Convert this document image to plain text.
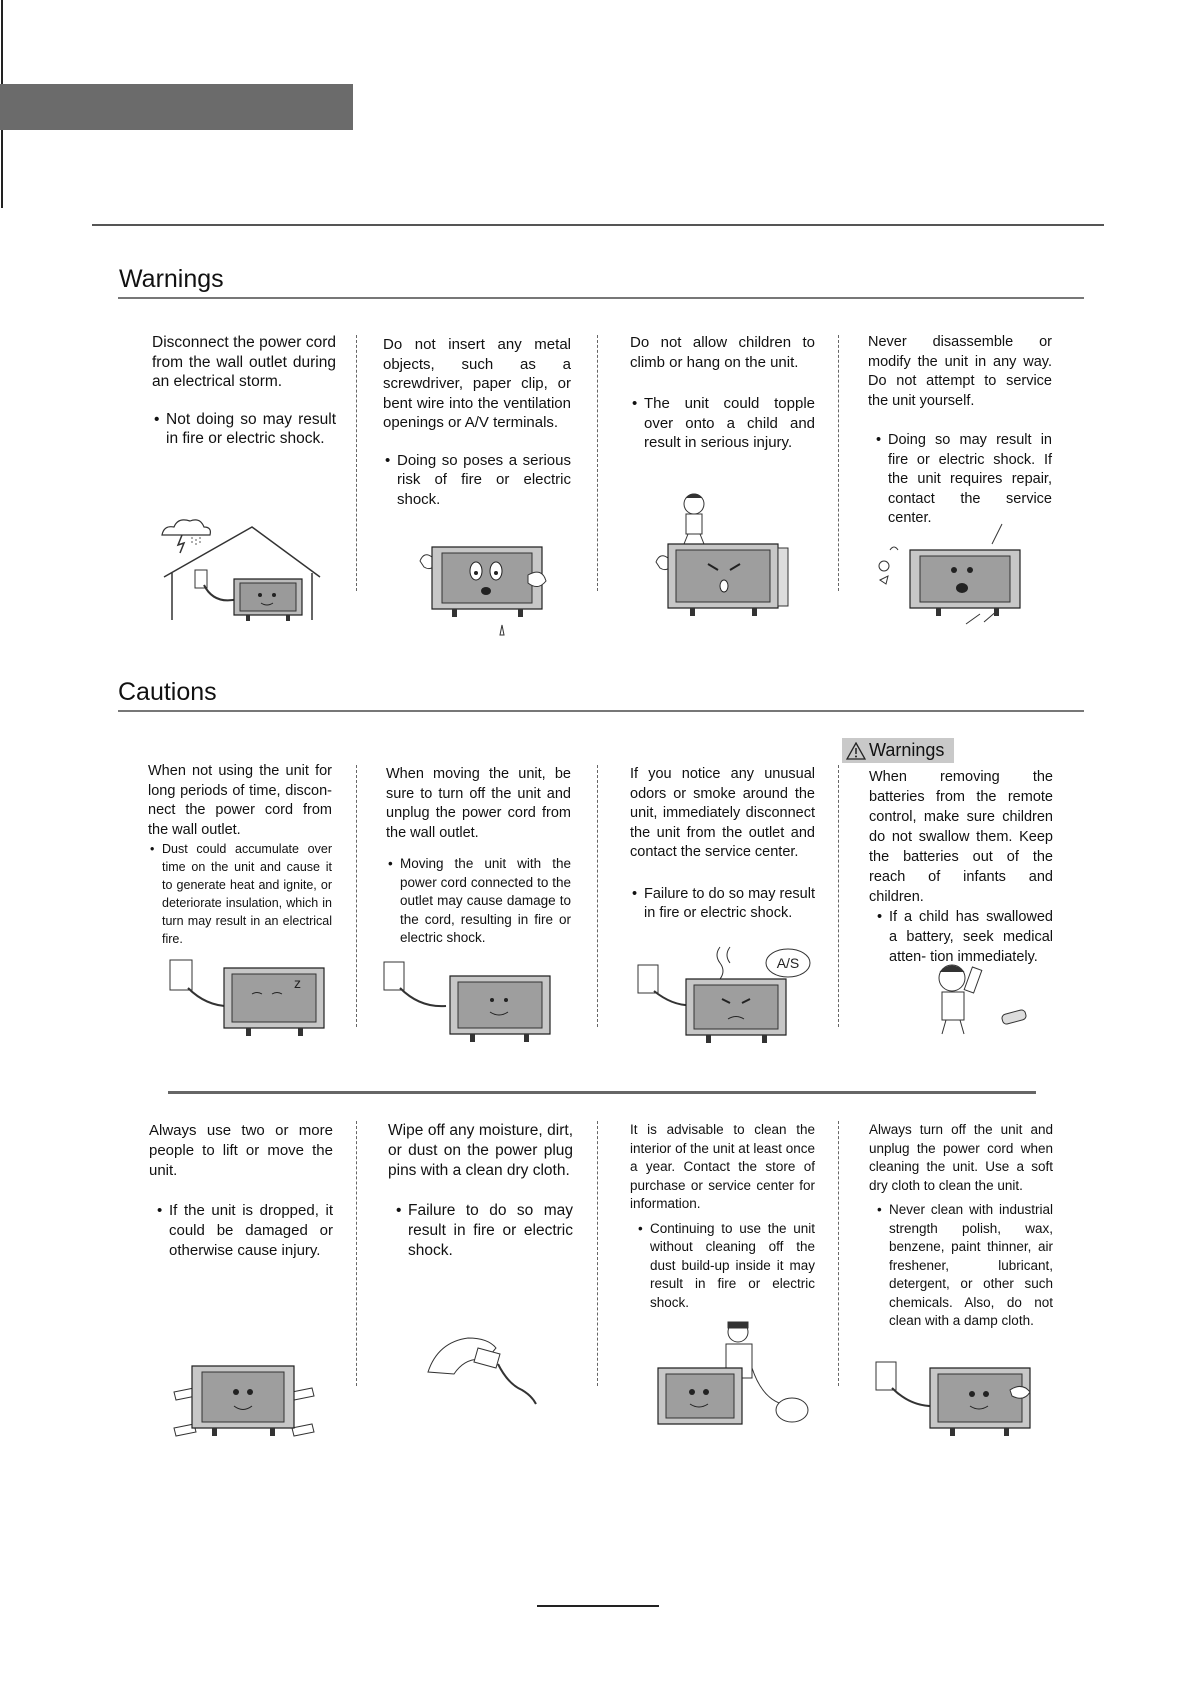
Warnings
Disconnect the power cord from the wall outlet during an electrical storm.
• Not doing so may result in fire or electric shock.
Do not insert any metal objects, such as a screwdriver, paper clip, or bent wire into the ventilation openings or A/V terminals.
• Doing so poses a serious risk of fire or electric shock.
Do not allow children to climb or hang on the unit.
• The unit could topple over onto a child and result in serious injury.
Never disassemble or modify the unit in any way. Do not attempt to service the unit yourself.
• Doing so may result in fire or electric shock. If the unit requires repair, contact the service center.
Cautions
Warnings
When not using the unit for long periods of time, discon- nect the power cord from the wall outlet.
• Dust could accumulate over time on the unit and cause it to generate heat and ignite, or deteriorate insulation, which in turn may result in an electrical fire.
When moving the unit, be sure to turn off the unit and unplug the power cord from the wall outlet.
• Moving the unit with the power cord connected to the outlet may cause damage to the cord, resulting in fire or electric shock.
If you notice any unusual odors or smoke around the unit, immediately disconnect the unit from the outlet and contact the service center.
• Failure to do so may result in fire or electric shock.
When removing the batteries from the remote control, make sure children do not swallow them. Keep the batteries out of the reach of infants and children.
• If a child has swallowed a battery, seek medical atten- tion immediately.
z
A/S
Always use two or more people to lift or move the unit.
• If the unit is dropped, it could be damaged or otherwise cause injury.
Wipe off any moisture, dirt, or dust on the power plug pins with a clean dry cloth.
• Failure to do so may result in fire or electric shock.
It is advisable to clean the interior of the unit at least once a year. Contact the store of purchase or service center for information.
• Continuing to use the unit without cleaning off the dust build-up inside it may result in fire or electric shock.
Always turn off the unit and unplug the power cord when cleaning the unit. Use a soft dry cloth to clean the unit.
• Never clean with industrial strength polish, wax, benzene, paint thinner, air freshener, lubricant, detergent, or other such chemicals. Also, do not clean with a damp cloth.
